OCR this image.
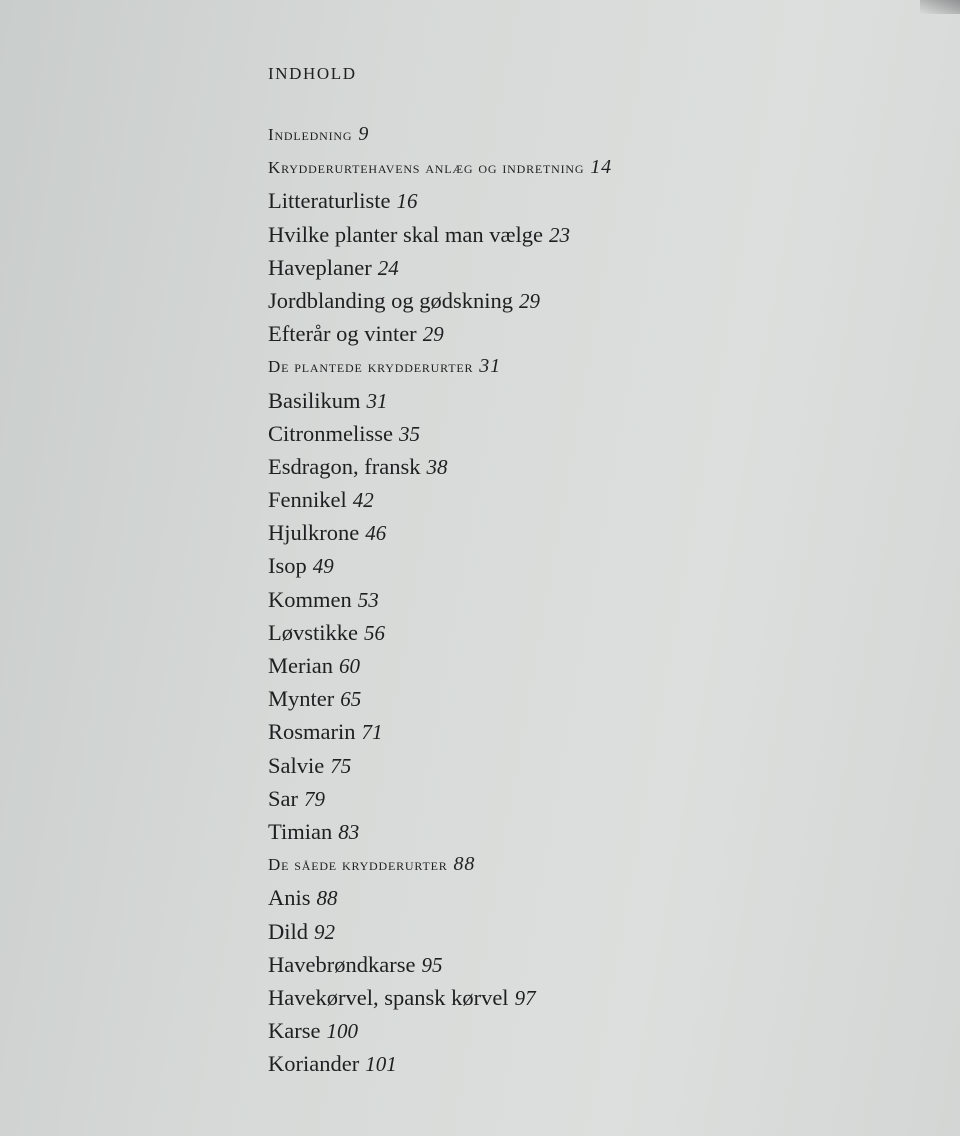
INDHOLD
Indledning 9
Krydderurtehavens anlæg og indretning 14
Litteraturliste 16
Hvilke planter skal man vælge 23
Haveplaner 24
Jordblanding og gødskning 29
Efterår og vinter 29
De plantede krydderurter 31
Basilikum 31
Citronmelisse 35
Esdragon, fransk 38
Fennikel 42
Hjulkrone 46
Isop 49
Kommen 53
Løvstikke 56
Merian 60
Mynter 65
Rosmarin 71
Salvie 75
Sar 79
Timian 83
De såede krydderurter 88
Anis 88
Dild 92
Havebrøndkarse 95
Havekørvel, spansk kørvel 97
Karse 100
Koriander 101
